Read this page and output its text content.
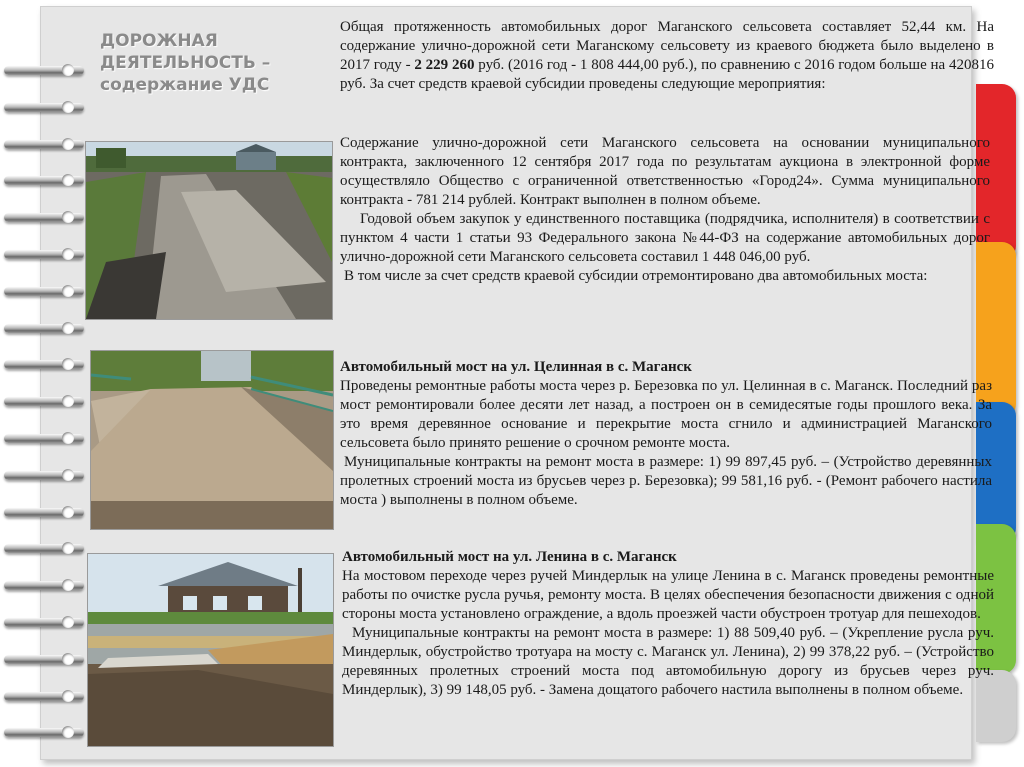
ДОРОЖНАЯ
ДЕЯТЕЛЬНОСТЬ –
содержание УДС

Общая протяженность автомобильных дорог Маганского сельсовета составляет 52,44 км. На содержание улично-дорожной сети Маганскому сельсовету из краевого бюджета было выделено в 2017 году - 2 229 260 руб. (2016 год - 1 808 444,00 руб.), по сравнению с 2016 годом больше на 420816 руб. За счет средств краевой субсидии проведены следующие мероприятия:

Содержание улично-дорожной сети Маганского сельсовета на основании муниципального контракта, заключенного 12 сентября 2017 года по результатам аукциона в электронной форме осуществляло Общество с ограниченной ответственностью «Город24». Сумма муниципального контракта - 781 214 рублей. Контракт выполнен в полном объеме.

Годовой объем закупок у единственного поставщика (подрядчика, исполнителя) в соответствии с пунктом 4 части 1 статьи 93 Федерального закона №44-ФЗ на содержание автомобильных дорог улично-дорожной сети Маганского сельсовета составил 1 448 046,00 руб.

В том числе за счет средств краевой субсидии отремонтировано два автомобильных моста:

Автомобильный мост на ул. Целинная в с. Маганск

Проведены ремонтные работы моста через р. Березовка по ул. Целинная в с. Маганск. Последний раз мост ремонтировали более десяти лет назад, а построен он в семидесятые годы прошлого века. За это время деревянное основание и перекрытие моста сгнило и администрацией Маганского сельсовета было принято решение о срочном ремонте моста.

Муниципальные контракты на ремонт моста в размере: 1) 99 897,45 руб. – (Устройство деревянных пролетных строений моста из брусьев через р. Березовка); 99 581,16 руб. - (Ремонт рабочего настила моста ) выполнены в полном объеме.

Автомобильный мост на ул. Ленина в с. Маганск

На мостовом переходе через ручей Миндерлык на улице Ленина в с. Маганск проведены ремонтные работы по очистке русла ручья, ремонту моста. В целях обеспечения безопасности движения с одной стороны моста установлено ограждение, а вдоль проезжей части обустроен тротуар для пешеходов.

Муниципальные контракты на ремонт моста в размере: 1) 88 509,40 руб. – (Укрепление русла руч. Миндерлык, обустройство тротуара на мосту с. Маганск ул. Ленина), 2) 99 378,22 руб. – (Устройство деревянных пролетных строений моста под автомобильную дорогу из брусьев через руч. Миндерлык), 3) 99 148,05 руб. - Замена дощатого рабочего настила выполнены в полном объеме.
